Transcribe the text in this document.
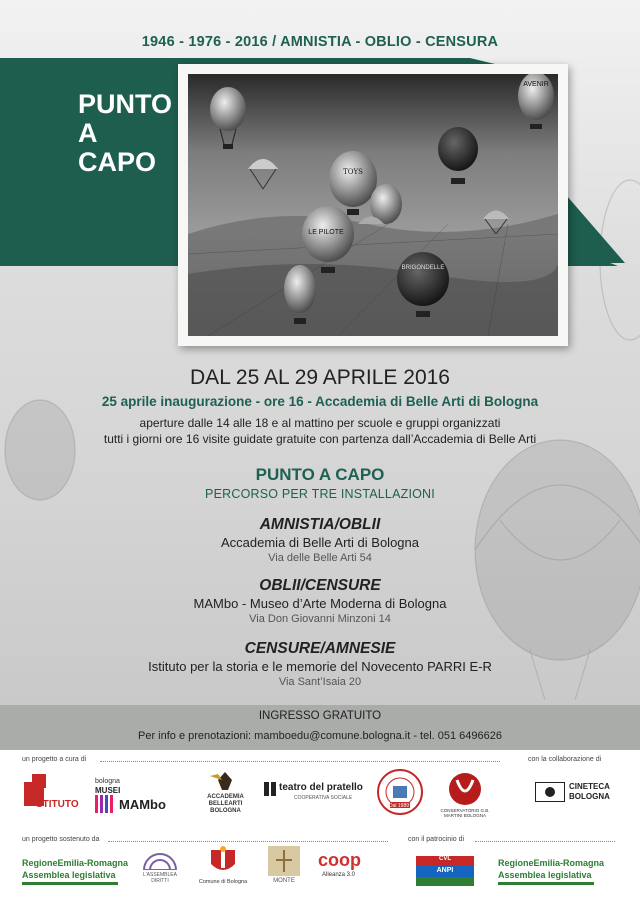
1946 - 1976 - 2016 / AMNISTIA - OBLIO - CENSURA
PUNTO
A
CAPO	TOYS
AVENIR
LE PILOTE
BRIGONDELLE
DAL 25 AL 29 APRILE 2016
25 aprile inaugurazione - ore 16 - Accademia di Belle Arti di Bologna
aperture dalle 14 alle 18 e al mattino per scuole e gruppi organizzati
tutti i giorni ore 16 visite guidate gratuite con partenza dall’Accademia di Belle Arti
PUNTO A CAPO
PERCORSO PER TRE INSTALLAZIONI
AMNISTIA/OBLII
Accademia di Belle Arti di Bologna
Via delle Belle Arti 54
OBLII/CENSURE
MAMbo - Museo d’Arte Moderna di Bologna
Via Don Giovanni Minzoni 14
CENSURE/AMNESIE
Istituto per la storia e le memorie del Novecento PARRI E-R
Via Sant’Isaia 20
INGRESSO GRATUITO
Per info e prenotazioni: mamboedu@comune.bologna.it - tel. 051 6496626
un progetto a cura di	con la collaborazione di
STITUTO
bologna
MUSEI
MAMbo	ACCADEMIA
BELLEARTI
BOLOGNA
teatro del pratello
COOPERATIVA SOCIALE
Dal 1989
CONSERVATORIO G.B. MARTINI BOLOGNA
CINETECA BOLOGNA
un progetto sostenuto da	con il patrocinio di
RegioneEmilia-Romagna
Assemblea legislativa	L’ASSEMBLEA DIRITTI	Comune di Bologna	MONTE
coop
Alleanza 3.0
CVL
ANPI
RegioneEmilia-Romagna
Assemblea legislativa
